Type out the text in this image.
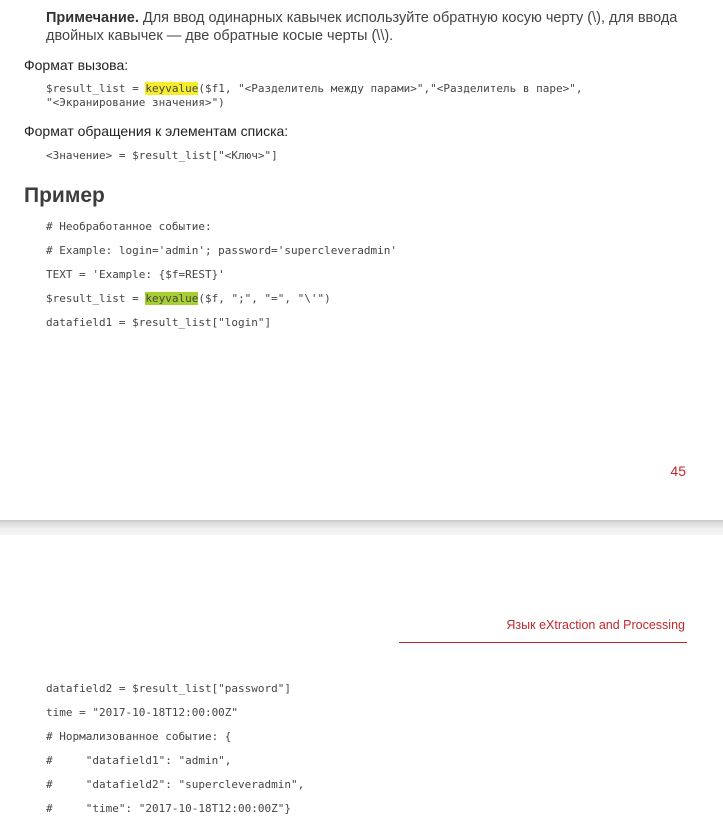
Примечание. Для ввод одинарных кавычек используйте обратную косую черту (\), для ввода двойных кавычек — две обратные косые черты (\\).
Формат вызова:
$result_list = keyvalue($f1, "<Разделитель между парами>","<Разделитель в паре>",
"<Экранирование значения>")
Формат обращения к элементам списка:
<Значение> = $result_list["<Ключ>"]
Пример
# Необработанное событие:
# Example: login='admin'; password='supercleveradmin'
TEXT = 'Example: {$f=REST}'
$result_list = keyvalue($f, ";", "=", "\'")
datafield1 = $result_list["login"]
45
Язык eXtraction and Processing
datafield2 = $result_list["password"]
time = "2017-10-18T12:00:00Z"
# Нормализованное событие: {
#     "datafield1": "admin",
#     "datafield2": "supercleveradmin",
#     "time": "2017-10-18T12:00:00Z"}
